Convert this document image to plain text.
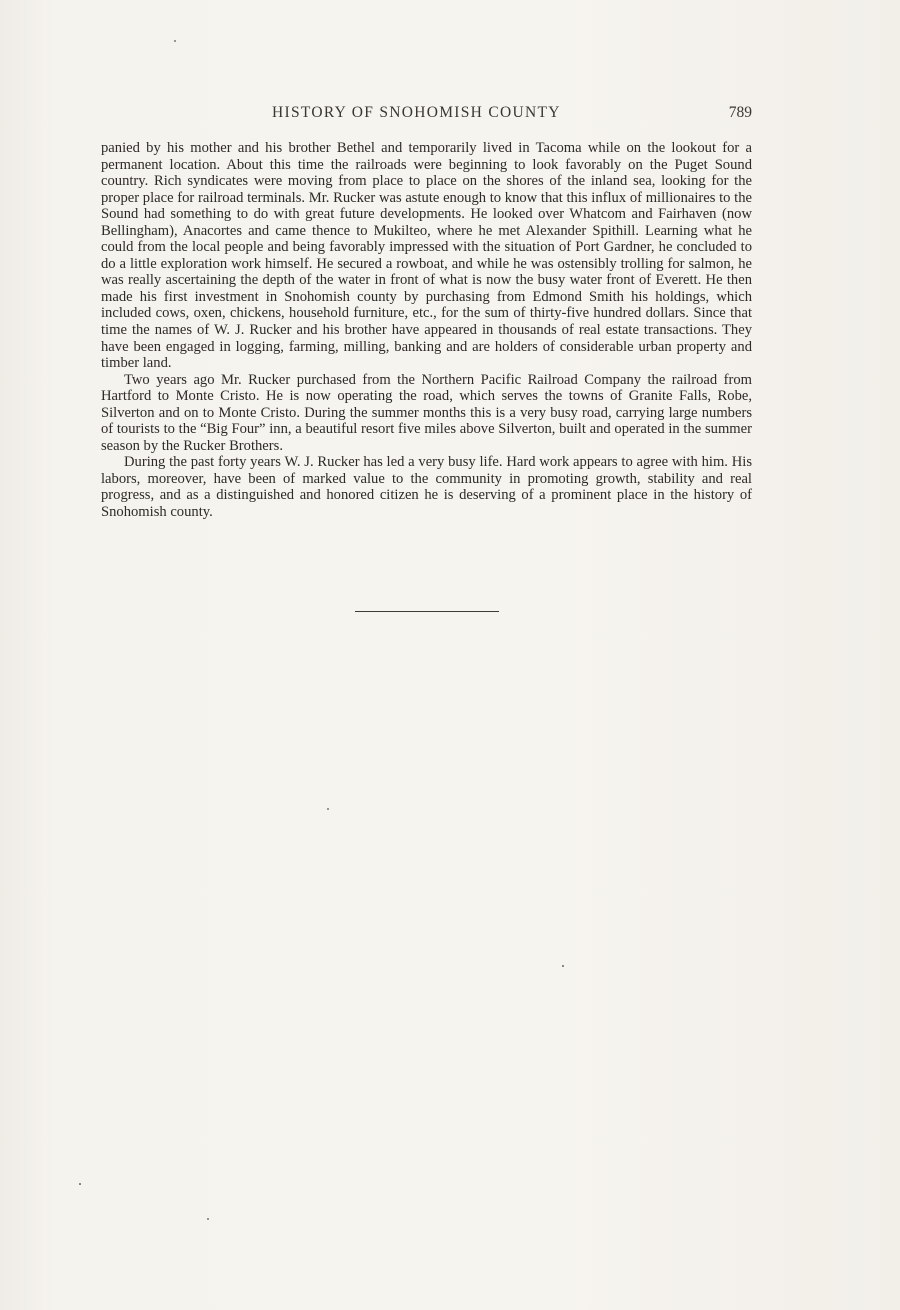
HISTORY OF SNOHOMISH COUNTY	789

panied by his mother and his brother Bethel and temporarily lived in Tacoma while on the lookout for a permanent location. About this time the railroads were beginning to look favorably on the Puget Sound country. Rich syndicates were moving from place to place on the shores of the inland sea, looking for the proper place for railroad terminals. Mr. Rucker was astute enough to know that this influx of millionaires to the Sound had something to do with great future developments. He looked over Whatcom and Fairhaven (now Bellingham), Anacortes and came thence to Mukilteo, where he met Alexander Spithill. Learning what he could from the local people and being favorably impressed with the situation of Port Gardner, he concluded to do a little exploration work himself. He secured a rowboat, and while he was ostensibly trolling for salmon, he was really ascertaining the depth of the water in front of what is now the busy water front of Everett. He then made his first investment in Snohomish county by purchasing from Edmond Smith his holdings, which included cows, oxen, chickens, household furniture, etc., for the sum of thirty-five hundred dollars. Since that time the names of W. J. Rucker and his brother have appeared in thousands of real estate transactions. They have been engaged in logging, farming, milling, banking and are holders of considerable urban property and timber land.

Two years ago Mr. Rucker purchased from the Northern Pacific Railroad Company the railroad from Hartford to Monte Cristo. He is now operating the road, which serves the towns of Granite Falls, Robe, Silverton and on to Monte Cristo. During the summer months this is a very busy road, carrying large numbers of tourists to the “Big Four” inn, a beautiful resort five miles above Silverton, built and operated in the summer season by the Rucker Brothers.

During the past forty years W. J. Rucker has led a very busy life. Hard work appears to agree with him. His labors, moreover, have been of marked value to the community in promoting growth, stability and real progress, and as a distinguished and honored citizen he is deserving of a prominent place in the history of Snohomish county.
